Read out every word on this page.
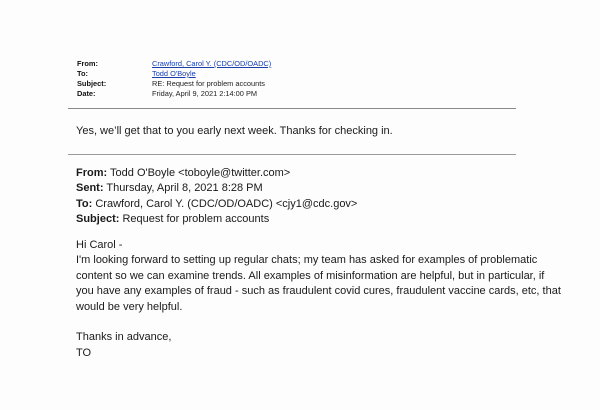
From:	Crawford, Carol Y. (CDC/OD/OADC)
To:	Todd O'Boyle
Subject:	RE: Request for problem accounts
Date:	Friday, April 9, 2021 2:14:00 PM
Yes, we’ll get that to you early next week. Thanks for checking in.
From: Todd O'Boyle <toboyle@twitter.com>
Sent: Thursday, April 8, 2021 8:28 PM
To: Crawford, Carol Y. (CDC/OD/OADC) <cjy1@cdc.gov>
Subject: Request for problem accounts
Hi Carol -
I'm looking forward to setting up regular chats; my team has asked for examples of problematic
content so we can examine trends. All examples of misinformation are helpful, but in particular, if
you have any examples of fraud - such as fraudulent covid cures, fraudulent vaccine cards, etc, that
would be very helpful.
Thanks in advance,
TO
